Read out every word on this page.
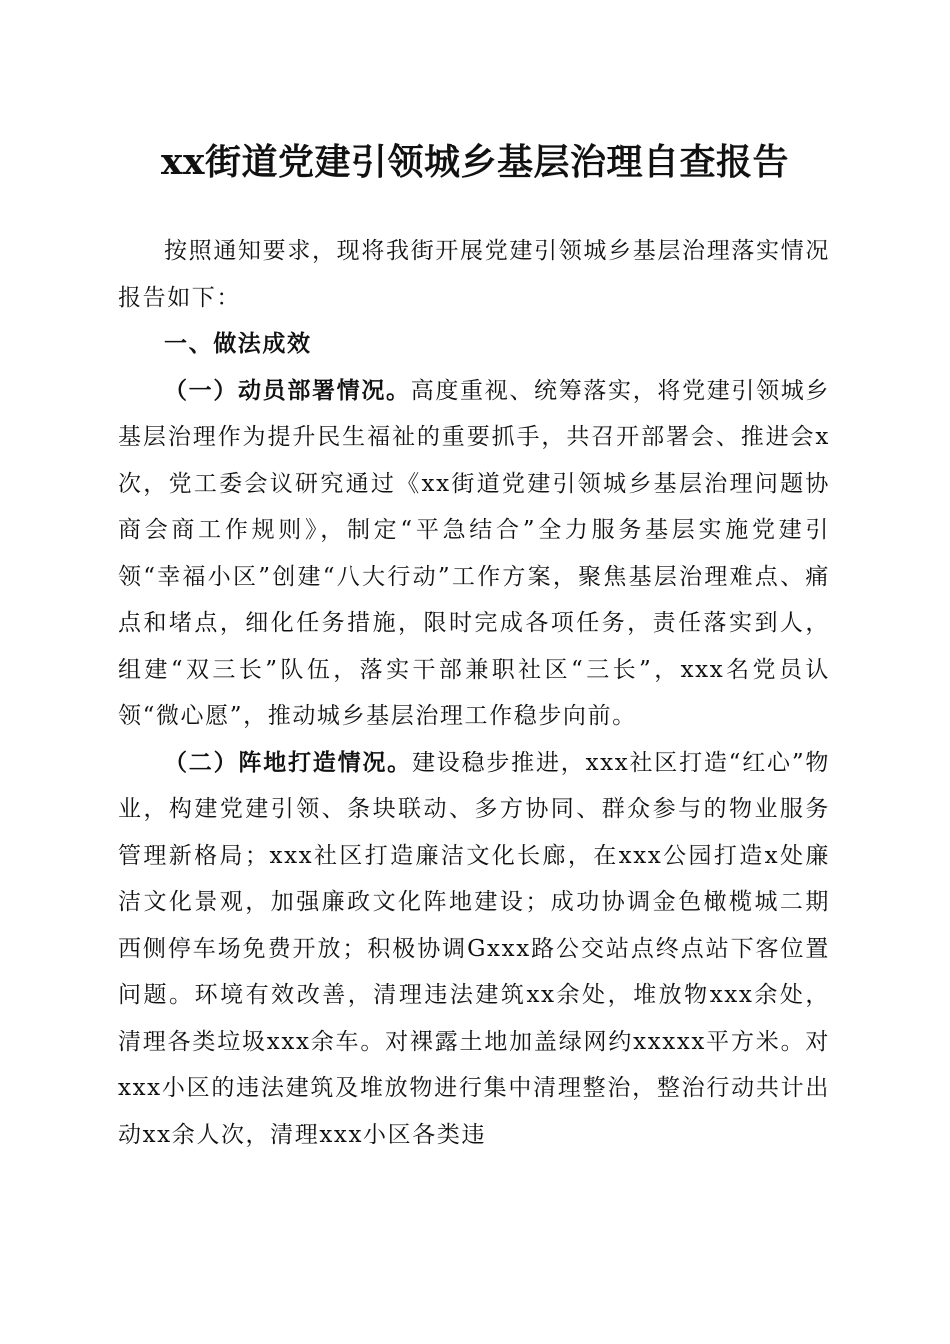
xx街道党建引领城乡基层治理自查报告

按照通知要求，现将我街开展党建引领城乡基层治理落实情况报告如下：

一、做法成效

（一）动员部署情况。高度重视、统筹落实，将党建引领城乡基层治理作为提升民生福祉的重要抓手，共召开部署会、推进会x次，党工委会议研究通过《xx街道党建引领城乡基层治理问题协商会商工作规则》，制定“平急结合”全力服务基层实施党建引领“幸福小区”创建“八大行动”工作方案，聚焦基层治理难点、痛点和堵点，细化任务措施，限时完成各项任务，责任落实到人，组建“双三长”队伍，落实干部兼职社区“三长”，xxx名党员认领“微心愿”，推动城乡基层治理工作稳步向前。

（二）阵地打造情况。建设稳步推进，xxx社区打造“红心”物业，构建党建引领、条块联动、多方协同、群众参与的物业服务管理新格局；xxx社区打造廉洁文化长廊，在xxx公园打造x处廉洁文化景观，加强廉政文化阵地建设；成功协调金色橄榄城二期西侧停车场免费开放；积极协调Gxxx路公交站点终点站下客位置问题。环境有效改善，清理违法建筑xx余处，堆放物xxx余处，清理各类垃圾xxx余车。对裸露土地加盖绿网约xxxxx平方米。对xxx小区的违法建筑及堆放物进行集中清理整治，整治行动共计出动xx余人次，清理xxx小区各类违
